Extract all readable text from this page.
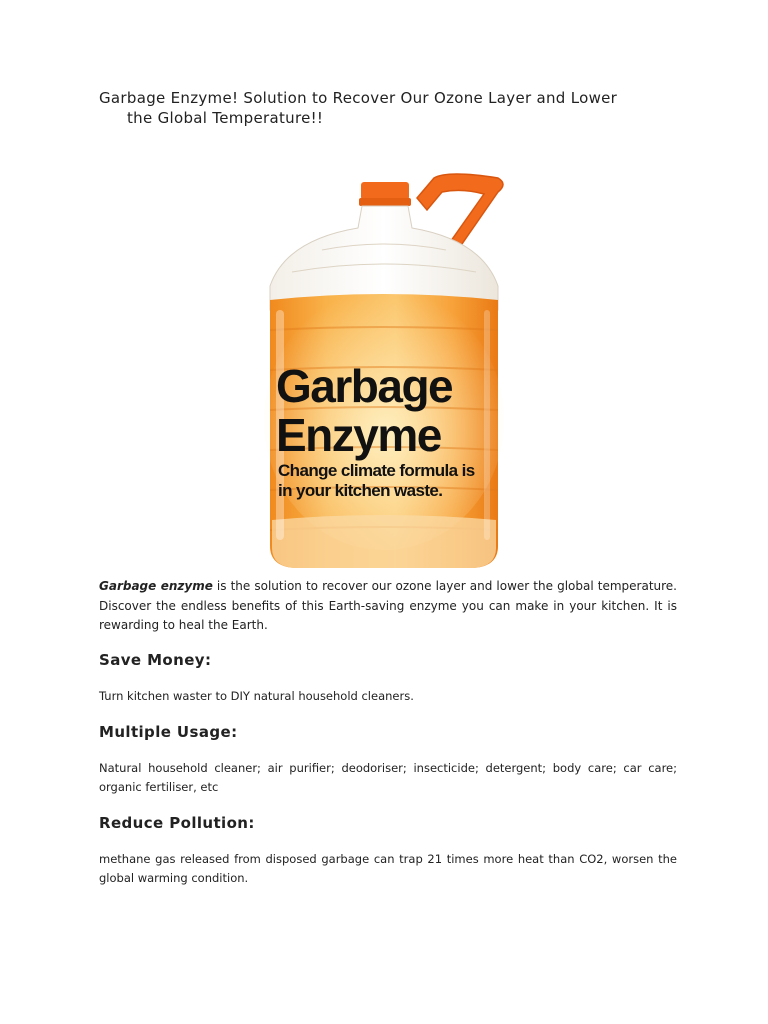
Garbage Enzyme! Solution to Recover Our Ozone Layer and Lower
the Global Temperature!!
Garbage
Enzyme
Change climate formula is
in your kitchen waste.

Garbage enzyme is the solution to recover our ozone layer and lower the global temperature. Discover the endless benefits of this Earth-saving enzyme you can make in your kitchen. It is rewarding to heal the Earth.

Save Money:

Turn kitchen waster to DIY natural household cleaners.

Multiple Usage:

Natural household cleaner; air purifier; deodoriser; insecticide; detergent; body care; car care; organic fertiliser, etc

Reduce Pollution:

methane gas released from disposed garbage can trap 21 times more heat than CO2, worsen the global warming condition.
